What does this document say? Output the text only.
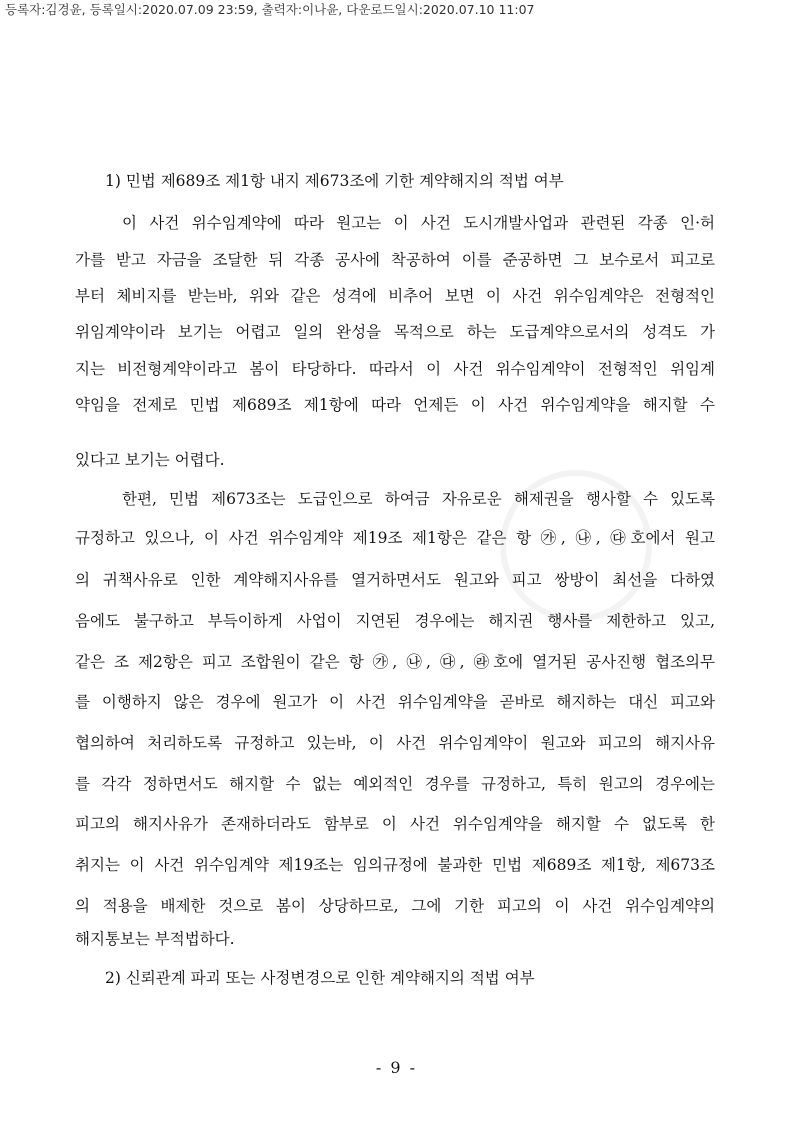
등록자:김경윤, 등록일시:2020.07.09 23:59, 출력자:이나윤, 다운로드일시:2020.07.10 11:07
1) 민법 제689조 제1항 내지 제673조에 기한 계약해지의 적법 여부
이 사건 위수임계약에 따라 원고는 이 사건 도시개발사업과 관련된 각종 인·허
가를 받고 자금을 조달한 뒤 각종 공사에 착공하여 이를 준공하면 그 보수로서 피고로
부터 체비지를 받는바, 위와 같은 성격에 비추어 보면 이 사건 위수임계약은 전형적인
위임계약이라 보기는 어렵고 일의 완성을 목적으로 하는 도급계약으로서의 성격도 가
지는 비전형계약이라고 봄이 타당하다. 따라서 이 사건 위수임계약이 전형적인 위임계
약임을 전제로 민법 제689조 제1항에 따라 언제든 이 사건 위수임계약을 해지할 수
있다고 보기는 어렵다.
한편, 민법 제673조는 도급인으로 하여금 자유로운 해제권을 행사할 수 있도록
규정하고 있으나, 이 사건 위수임계약 제19조 제1항은 같은 항 ㉮, ㉯, ㉰호에서 원고
의 귀책사유로 인한 계약해지사유를 열거하면서도 원고와 피고 쌍방이 최선을 다하였
음에도 불구하고 부득이하게 사업이 지연된 경우에는 해지권 행사를 제한하고 있고,
같은 조 제2항은 피고 조합원이 같은 항 ㉮, ㉯, ㉰, ㉱호에 열거된 공사진행 협조의무
를 이행하지 않은 경우에 원고가 이 사건 위수임계약을 곧바로 해지하는 대신 피고와
협의하여 처리하도록 규정하고 있는바, 이 사건 위수임계약이 원고와 피고의 해지사유
를 각각 정하면서도 해지할 수 없는 예외적인 경우를 규정하고, 특히 원고의 경우에는
피고의 해지사유가 존재하더라도 함부로 이 사건 위수임계약을 해지할 수 없도록 한
취지는 이 사건 위수임계약 제19조는 임의규정에 불과한 민법 제689조 제1항, 제673조
의 적용을 배제한 것으로 봄이 상당하므로, 그에 기한 피고의 이 사건 위수임계약의
해지통보는 부적법하다.
2) 신뢰관계 파괴 또는 사정변경으로 인한 계약해지의 적법 여부
- 9 -
